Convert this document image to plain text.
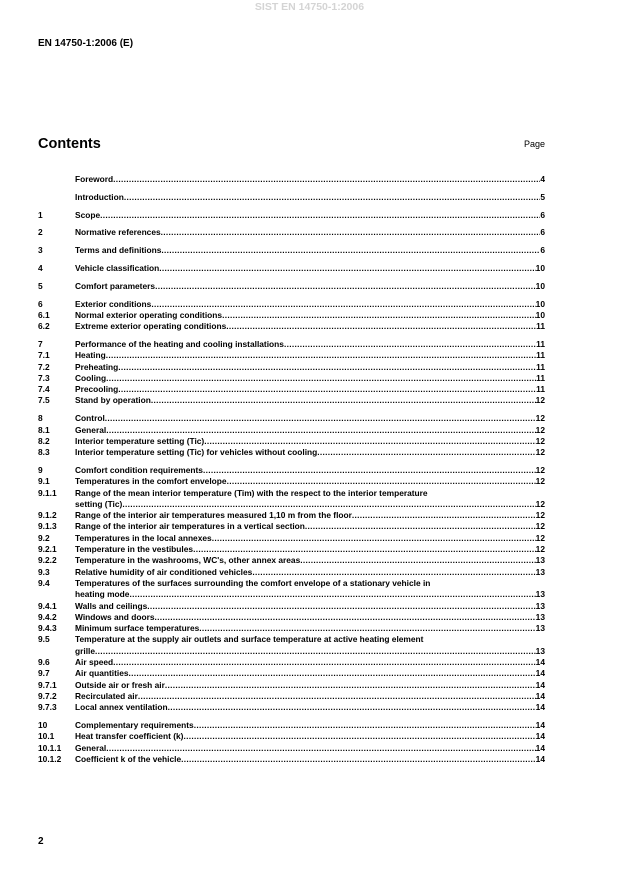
SIST EN 14750-1:2006
EN 14750-1:2006 (E)
Contents	Page
Foreword .....	4
Introduction .....	5
1	Scope .....	6
2	Normative references .....	6
3	Terms and definitions .....	6
4	Vehicle classification .....	10
5	Comfort parameters .....	10
6	Exterior conditions .....	10
6.1	Normal exterior operating conditions .....	10
6.2	Extreme exterior operating conditions .....	11
7	Performance of the heating and cooling installations .....	11
7.1	Heating .....	11
7.2	Preheating .....	11
7.3	Cooling .....	11
7.4	Precooling .....	11
7.5	Stand by operation .....	12
8	Control .....	12
8.1	General .....	12
8.2	Interior temperature setting (Tic) .....	12
8.3	Interior temperature setting (Tic) for vehicles without cooling .....	12
9	Comfort condition requirements .....	12
9.1	Temperatures in the comfort envelope .....	12
9.1.1	Range of the mean interior temperature (Tim) with the respect to the interior temperature
setting (Tic) .....	12
9.1.2	Range of the interior air temperatures measured 1,10 m from the floor .....	12
9.1.3	Range of the interior air temperatures in a vertical section .....	12
9.2	Temperatures in the local annexes .....	12
9.2.1	Temperature in the vestibules .....	12
9.2.2	Temperature in the washrooms, WC's, other annex areas .....	13
9.3	Relative humidity of air conditioned vehicles .....	13
9.4	Temperatures of the surfaces surrounding the comfort envelope of a stationary vehicle in
heating mode .....	13
9.4.1	Walls and ceilings .....	13
9.4.2	Windows and doors .....	13
9.4.3	Minimum surface temperatures .....	13
9.5	Temperature at the supply air outlets and surface temperature at active heating element
grille .....	13
9.6	Air speed .....	14
9.7	Air quantities .....	14
9.7.1	Outside air or fresh air .....	14
9.7.2	Recirculated air .....	14
9.7.3	Local annex ventilation .....	14
10	Complementary requirements .....	14
10.1	Heat transfer coefficient (k) .....	14
10.1.1	General .....	14
10.1.2	Coefficient k of the vehicle .....	14
2
